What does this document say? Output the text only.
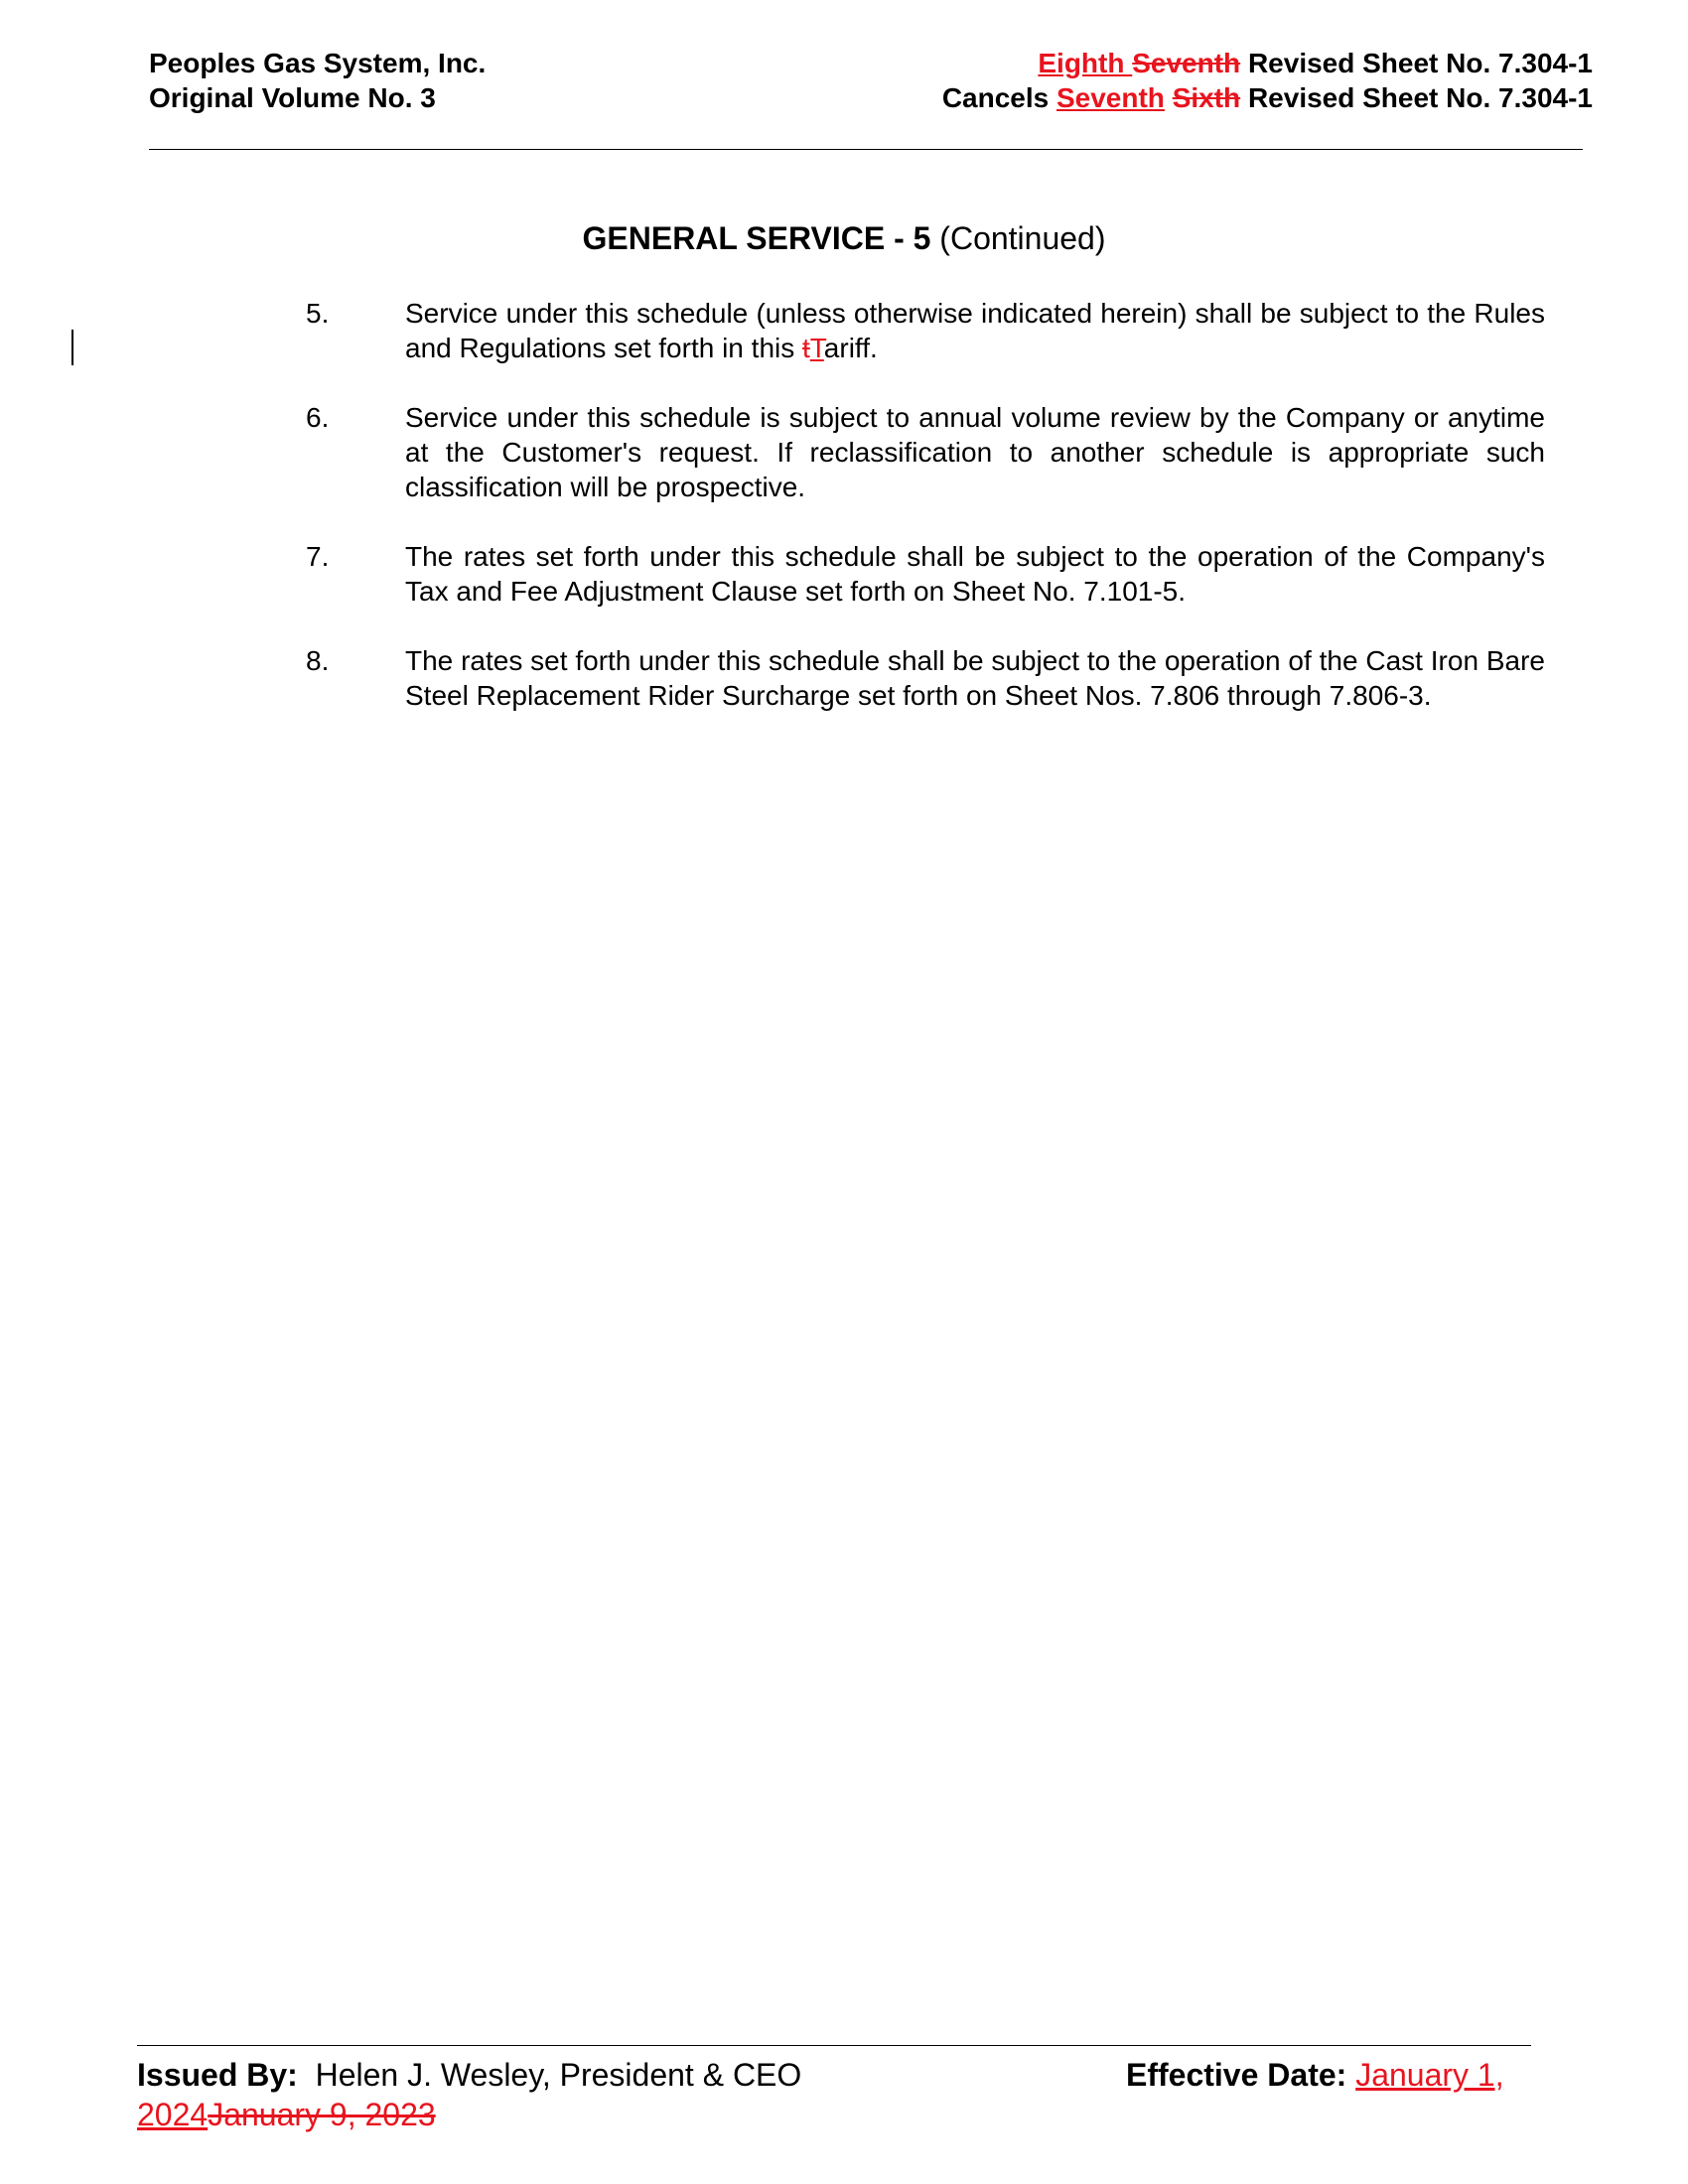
Peoples Gas System, Inc.
Original Volume No. 3
Eighth Seventh Revised Sheet No. 7.304-1
Cancels Seventh Sixth Revised Sheet No. 7.304-1
GENERAL SERVICE - 5 (Continued)
5.	Service under this schedule (unless otherwise indicated herein) shall be subject to the Rules and Regulations set forth in this tTariff.
6.	Service under this schedule is subject to annual volume review by the Company or anytime at the Customer's request. If reclassification to another schedule is appropriate such classification will be prospective.
7.	The rates set forth under this schedule shall be subject to the operation of the Company's Tax and Fee Adjustment Clause set forth on Sheet No. 7.101-5.
8.	The rates set forth under this schedule shall be subject to the operation of the Cast Iron Bare Steel Replacement Rider Surcharge set forth on Sheet Nos. 7.806 through 7.806-3.
Issued By:  Helen J. Wesley, President & CEO	Effective Date: January 1,
2024January 9, 2023
